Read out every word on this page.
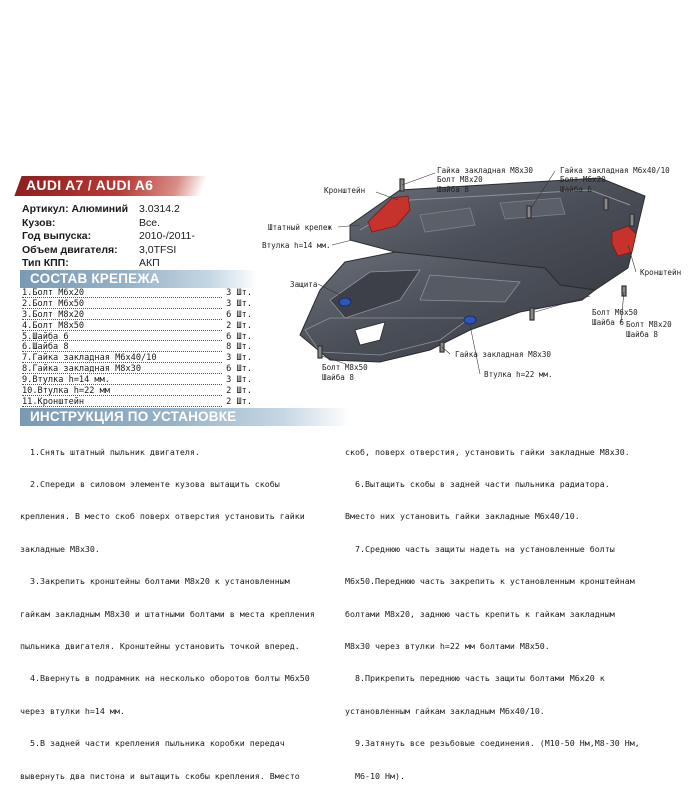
AUDI A7 / AUDI A6
Артикул: Алюминий 3.0314.2
Кузов:	Все.
Год выпуска:	2010-/2011-
Объем двигателя: 3,0TFSI
Тип КПП:	АКП
СОСТАВ КРЕПЕЖА
1.Болт М6х20	3 Шт.
2.Болт М6х50	3 Шт.
3.Болт М8х20	6 Шт.
4.Болт М8х50	2 Шт.
5.Шайба 6	6 Шт.
6.Шайба 8	8 Шт.
7.Гайка закладная М6х40/10	3 Шт.
8.Гайка закладная М8х30	6 Шт.
9.Втулка h=14 мм.	3 Шт.
10.Втулка h=22 мм	2 Шт.
11.Кронштейн	2 Шт.
ИНСТРУКЦИЯ ПО УСТАНОВКЕ

1.Снять штатный пыльник двигателя.

2.Спереди в силовом элементе кузова вытащить скобы

крепления. В место скоб поверх отверстия установить гайки

закладные М8х30.

3.Закрепить кронштейны болтами М8х20 к установленным

гайкам закладным М8х30 и штатными болтами в места крепления

пыльника двигателя. Кронштейны установить точкой вперед.

4.Ввернуть в подрамник на несколько оборотов болты М6х50

через втулки h=14 мм.

5.В задней части крепления пыльника коробки передач

вывернуть два пистона и вытащить скобы крепления. Вместо

скоб, поверх отверстия, установить гайки закладные М8х30.

6.Вытащить скобы в задней части пыльника радиатора.

Вместо них установить гайки закладные М6х40/10.

7.Среднюю часть защиты надеть на установленные болты

М6х50.Переднюю часть закрепить к установленным кронштейнам

болтами М8х20, заднюю часть крепить к гайкам закладным

М8х30 через втулки h=22 мм болтами М8х50.

8.Прикрепить переднюю часть защиты болтами М6х20 к

установленным гайкам закладным М6х40/10.

9.Затянуть все резьбовые соединения. (М10-50 Нм,М8-30 Нм,

М6-10 Нм).

Гайка закладная М8х30
Болт М8х20
Шайба 8
Гайка закладная М6х40/10
Болт М6х20
Шайба 6
Кронштейн
Штатный крепеж
Втулка h=14 мм.
Кронштейн
Защита
Болт М6х50
Шайба 6 Болт М8х20
Шайба 8
Гайка закладная М8х30
Болт М8х50
Шайба 8	Втулка h=22 мм.
